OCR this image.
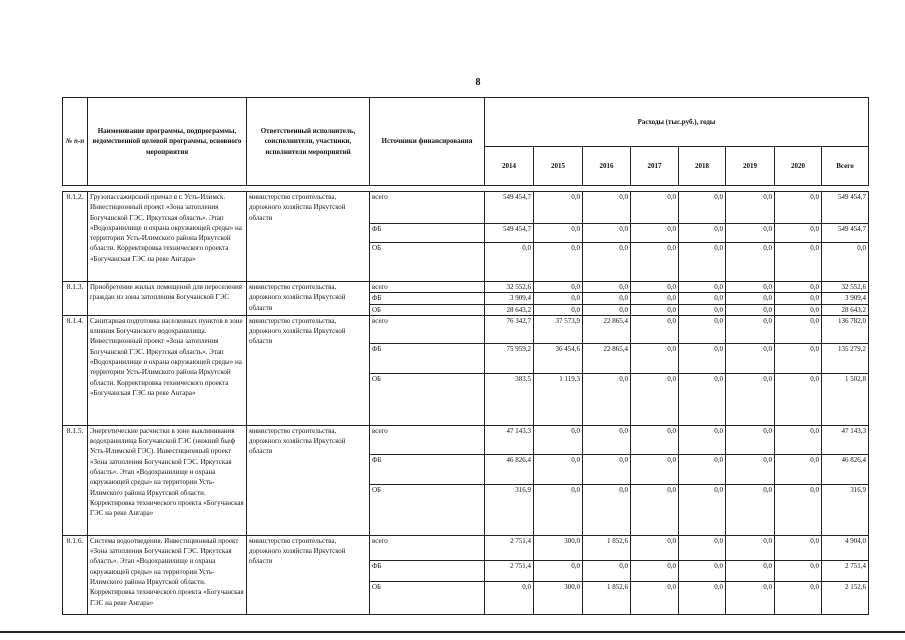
8
№ п-п	Наименование программы, подпрограммы, ведомственной целевой программы, основного мероприятия	Ответственный исполнитель, соисполнители, участники, исполнители мероприятий	Источники финансирования	Расходы (тыс.руб.), годы							
				2014	2015	2016	2017	2018	2019	2020	Всего

8.1.2.	Грузопассажирский причал в г. Усть-Илимск. Инвестиционный проект «Зона затопления Богучанской ГЭС. Иркутская область». Этап «Водохранилище и охрана окружающей среды» на территории Усть-Илимского района Иркутской области. Корректировка технического проекта «Богучанская ГЭС на реке Ангара»	министерство строительства, дорожного хозяйства Иркутской области	всего	549 454,7	0,0	0,0	0,0	0,0	0,0	0,0	549 454,7
			ФБ	549 454,7	0,0	0,0	0,0	0,0	0,0	0,0	549 454,7
			ОБ	0,0	0,0	0,0	0,0	0,0	0,0	0,0	0,0
8.1.3.	Приобретение жилых помещений для переселения граждан из зоны затопления Богучанской ГЭС	министерство строительства, дорожного хозяйства Иркутской области	всего	32 552,6	0,0	0,0	0,0	0,0	0,0	0,0	32 552,6
			ФБ	3 909,4	0,0	0,0	0,0	0,0	0,0	0,0	3 909,4
			ОБ	28 643,2	0,0	0,0	0,0	0,0	0,0	0,0	28 643,2
8.1.4.	Санитарная подготовка населенных пунктов в зоне влияния Богучанского водохранилища. Инвестиционный проект «Зона затопления Богучанской ГЭС. Иркутская область». Этап «Водохранилище и охрана окружающей среды» на территории Усть-Илимского района Иркутской области. Корректировка технического проекта «Богучанская ГЭС на реке Ангара»	министерство строительства, дорожного хозяйства Иркутской области	всего	76 342,7	37 573,9	22 865,4	0,0	0,0	0,0	0,0	136 782,0
			ФБ	75 959,2	36 454,6	22 865,4	0,0	0,0	0,0	0,0	135 279,2
			ОБ	383,5	1 119,3	0,0	0,0	0,0	0,0	0,0	1 502,8
8.1.5.	Энергетические расчистки в зоне выклинивания водохранилища Богучанской ГЭС (нижний бьеф Усть-Илимской ГЭС). Инвестиционный проект «Зона затопления Богучанской ГЭС. Иркутская область». Этап «Водохранилище и охрана окружающей среды» на территории Усть-Илимского района Иркутской области. Корректировка технического проекта «Богучанская ГЭС на реке Ангара»	министерство строительства, дорожного хозяйства Иркутской области	всего	47 143,3	0,0	0,0	0,0	0,0	0,0	0,0	47 143,3
			ФБ	46 826,4	0,0	0,0	0,0	0,0	0,0	0,0	46 826,4
			ОБ	316,9	0,0	0,0	0,0	0,0	0,0	0,0	316,9
8.1.6.	Система водоотведения. Инвестиционный проект «Зона затопления Богучанской ГЭС. Иркутская область». Этап «Водохранилище и охрана окружающей среды» на территории Усть-Илимского района Иркутской области. Корректировка технического проекта «Богучанская ГЭС на реке Ангара»	министерство строительства, дорожного хозяйства Иркутской области	всего	2 751,4	300,0	1 852,6	0,0	0,0	0,0	0,0	4 904,0
			ФБ	2 751,4	0,0	0,0	0,0	0,0	0,0	0,0	2 751,4
			ОБ	0,0	300,0	1 852,6	0,0	0,0	0,0	0,0	2 152,6
